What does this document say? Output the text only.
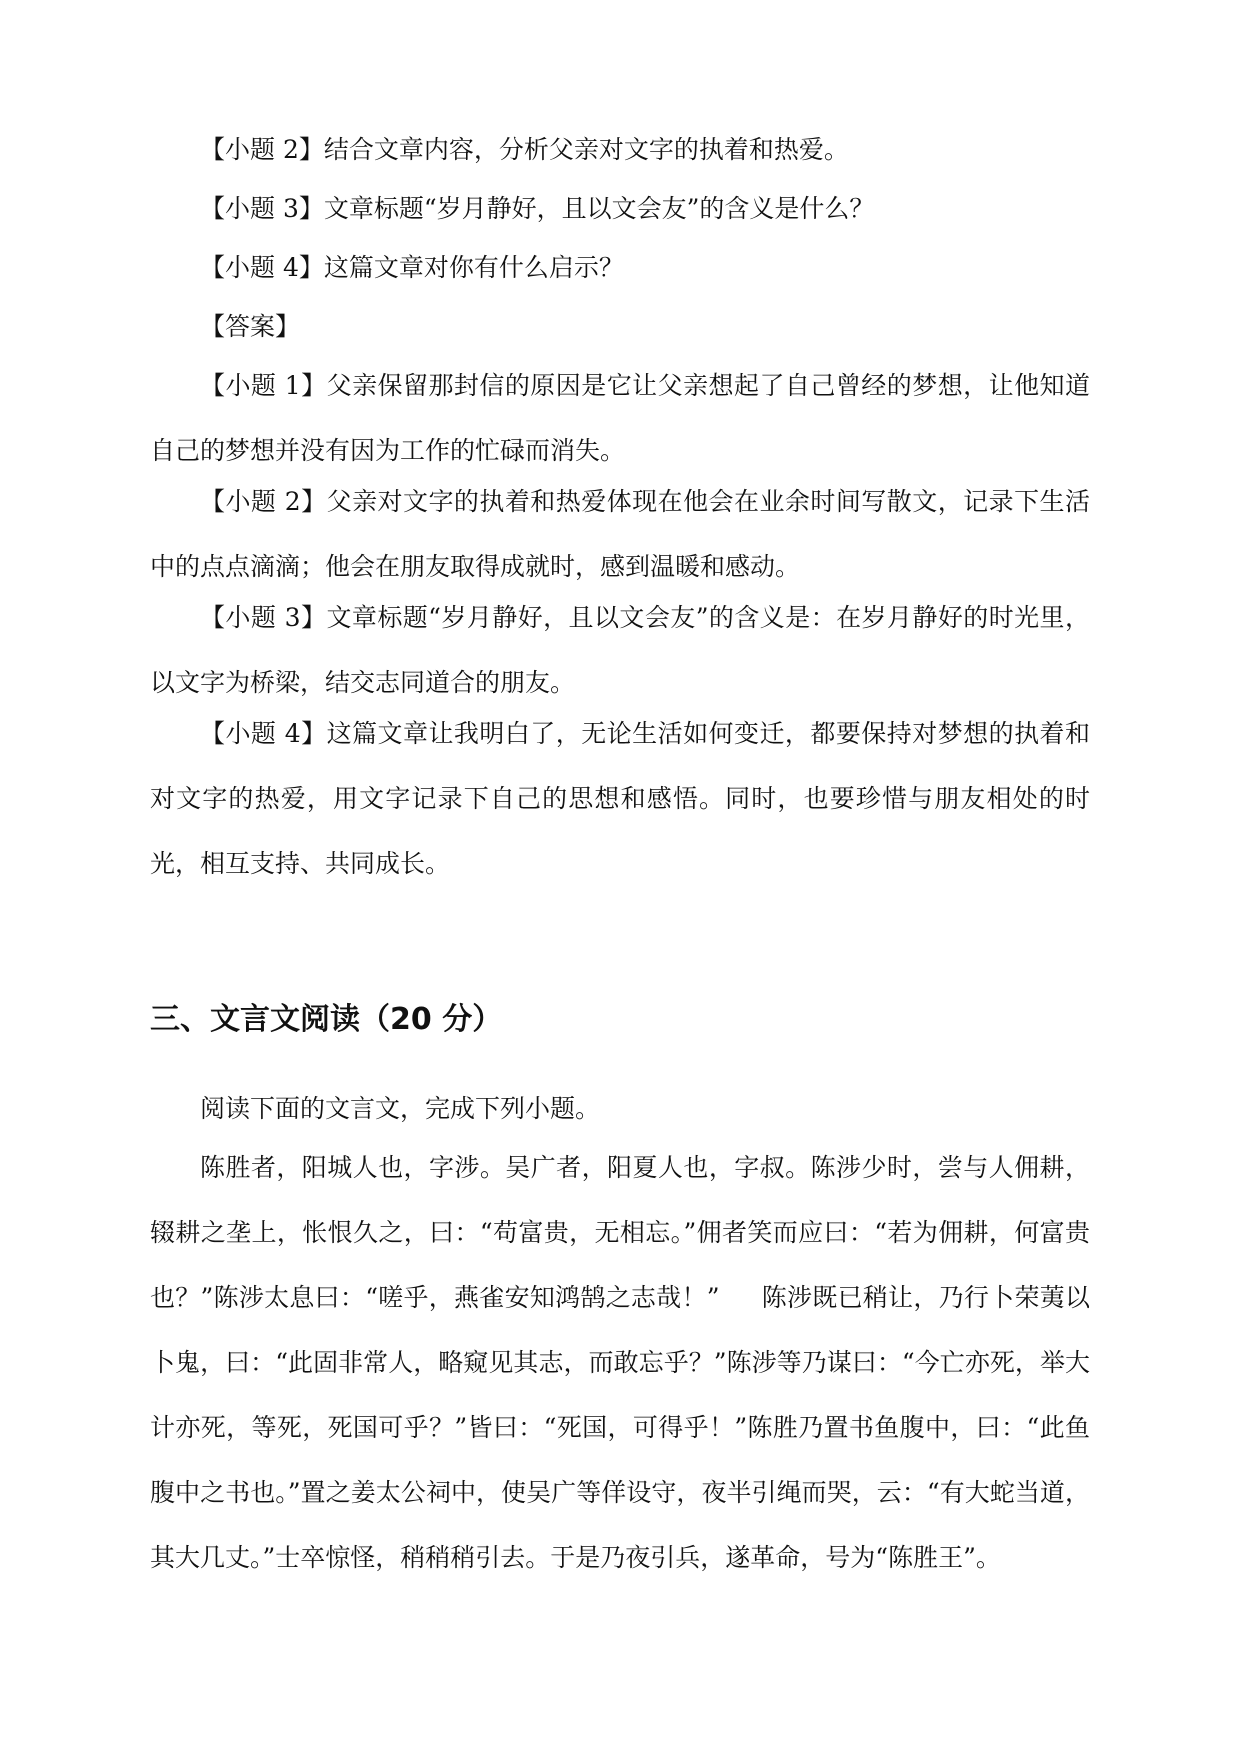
【小题 2】结合文章内容，分析父亲对文字的执着和热爱。

【小题 3】文章标题“岁月静好，且以文会友”的含义是什么？

【小题 4】这篇文章对你有什么启示？

【答案】

【小题 1】父亲保留那封信的原因是它让父亲想起了自己曾经的梦想，让他知道自己的梦想并没有因为工作的忙碌而消失。

【小题 2】父亲对文字的执着和热爱体现在他会在业余时间写散文，记录下生活中的点点滴滴；他会在朋友取得成就时，感到温暖和感动。

【小题 3】文章标题“岁月静好，且以文会友”的含义是：在岁月静好的时光里，以文字为桥梁，结交志同道合的朋友。

【小题 4】这篇文章让我明白了，无论生活如何变迁，都要保持对梦想的执着和对文字的热爱，用文字记录下自己的思想和感悟。同时，也要珍惜与朋友相处的时光，相互支持、共同成长。

三、文言文阅读（20 分）

阅读下面的文言文，完成下列小题。

陈胜者，阳城人也，字涉。吴广者，阳夏人也，字叔。陈涉少时，尝与人佣耕，辍耕之垄上，怅恨久之，曰：“苟富贵，无相忘。”佣者笑而应曰：“若为佣耕，何富贵也？”陈涉太息曰：“嗟乎，燕雀安知鸿鹄之志哉！” 陈涉既已稍让，乃行卜荣荑以卜鬼，曰：“此固非常人，略窥见其志，而敢忘乎？”陈涉等乃谋曰：“今亡亦死，举大计亦死，等死，死国可乎？”皆曰：“死国，可得乎！”陈胜乃置书鱼腹中，曰：“此鱼腹中之书也。”置之姜太公祠中，使吴广等佯设守，夜半引绳而哭，云：“有大蛇当道，其大几丈。”士卒惊怪，稍稍稍引去。于是乃夜引兵，遂革命，号为“陈胜王”。
